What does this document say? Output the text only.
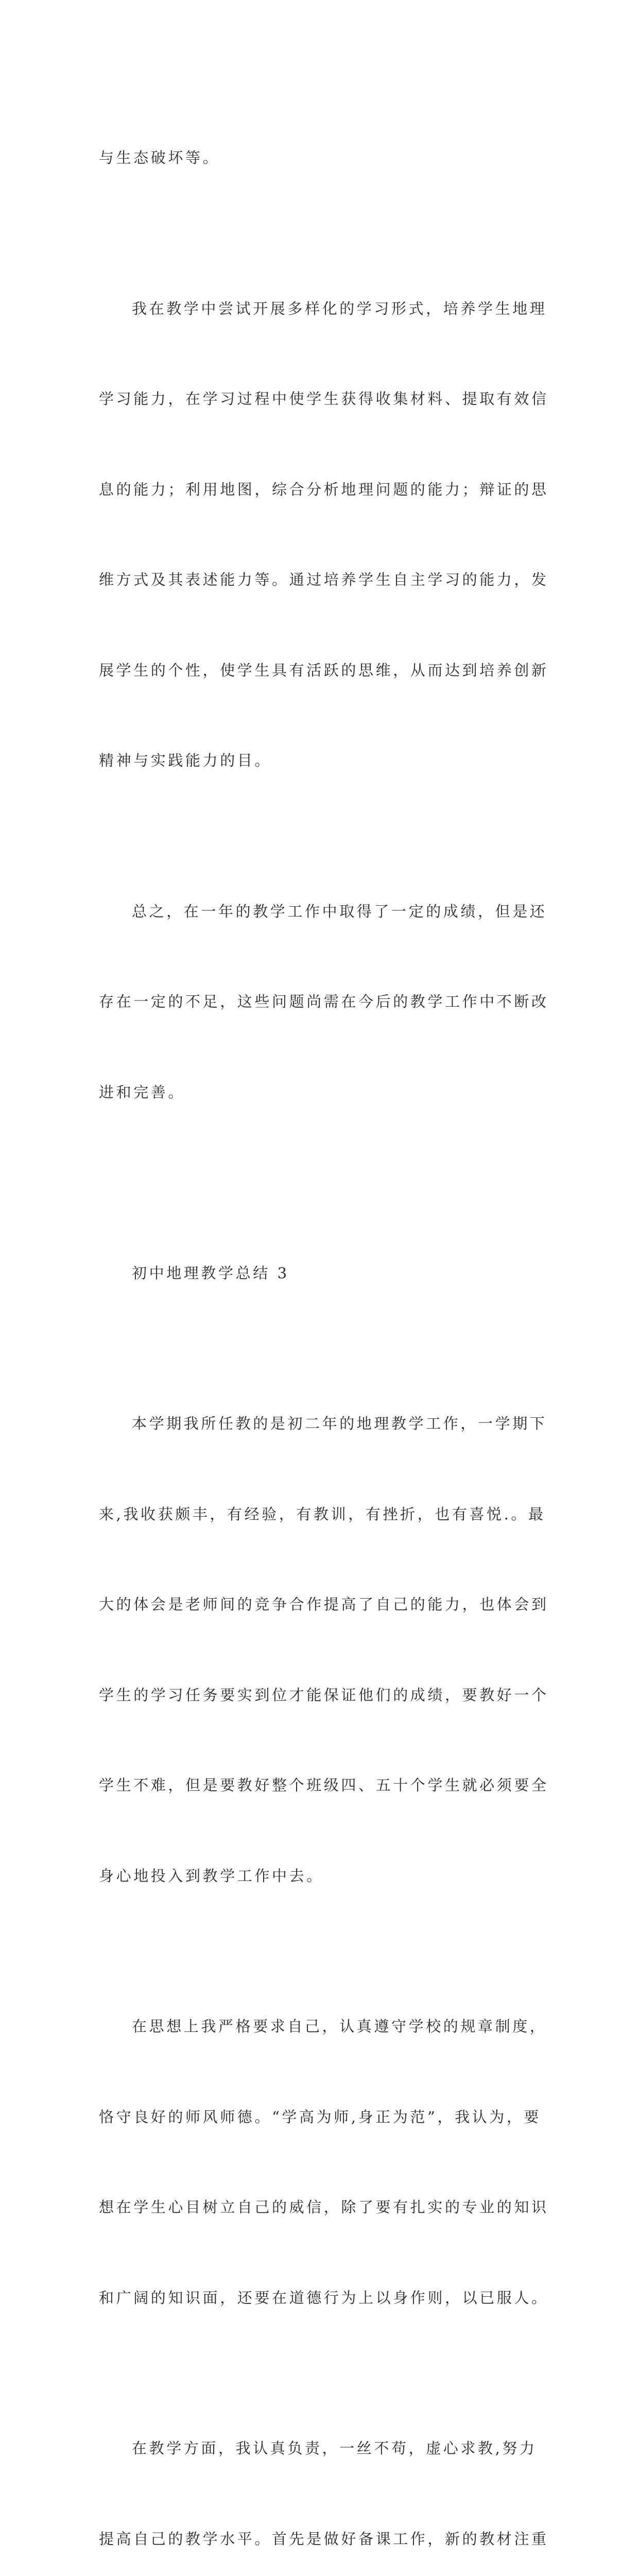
与生态破坏等。

我在教学中尝试开展多样化的学习形式，培养学生地理

学习能力，在学习过程中使学生获得收集材料、提取有效信

息的能力；利用地图，综合分析地理问题的能力；辩证的思

维方式及其表述能力等。通过培养学生自主学习的能力，发

展学生的个性，使学生具有活跃的思维，从而达到培养创新

精神与实践能力的目。

总之，在一年的教学工作中取得了一定的成绩，但是还

存在一定的不足，这些问题尚需在今后的教学工作中不断改

进和完善。

初中地理教学总结 3

本学期我所任教的是初二年的地理教学工作，一学期下

来,我收获颇丰，有经验，有教训，有挫折，也有喜悦.。最

大的体会是老师间的竞争合作提高了自己的能力，也体会到

学生的学习任务要实到位才能保证他们的成绩，要教好一个

学生不难，但是要教好整个班级四、五十个学生就必须要全

身心地投入到教学工作中去。

在思想上我严格要求自己，认真遵守学校的规章制度，

恪守良好的师风师德。“学高为师,身正为范”，我认为，要

想在学生心目树立自己的威信，除了要有扎实的专业的知识

和广阔的知识面，还要在道德行为上以身作则，以已服人。

在教学方面，我认真负责，一丝不苟，虚心求教,努力

提高自己的教学水平。首先是做好备课工作，新的教材注重
